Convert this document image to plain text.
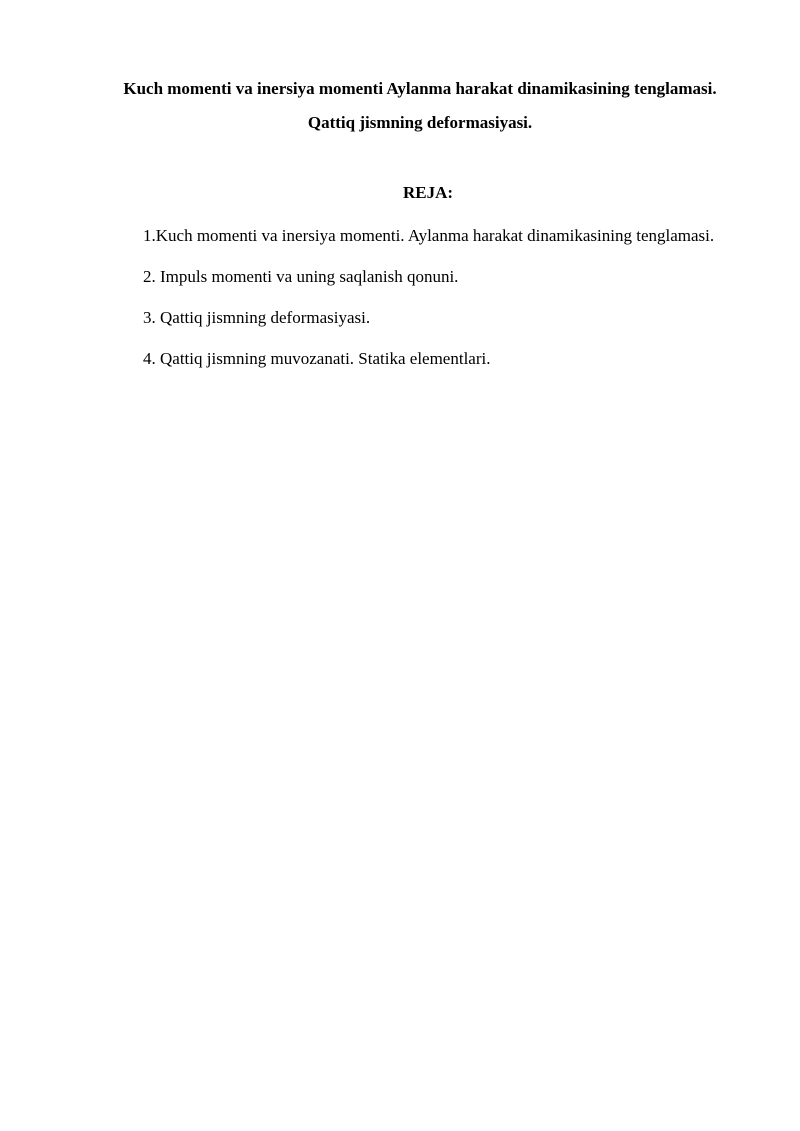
Kuch momenti va inersiya momenti Aylanma harakat dinamikasining tenglamasi. Qattiq jismning deformasiyasi.
REJA:
1.Kuch momenti va inersiya momenti. Aylanma harakat dinamikasining tenglamasi.
2. Impuls momenti va uning saqlanish qonuni.
3. Qattiq jismning deformasiyasi.
4. Qattiq jismning muvozanati. Statika elementlari.
